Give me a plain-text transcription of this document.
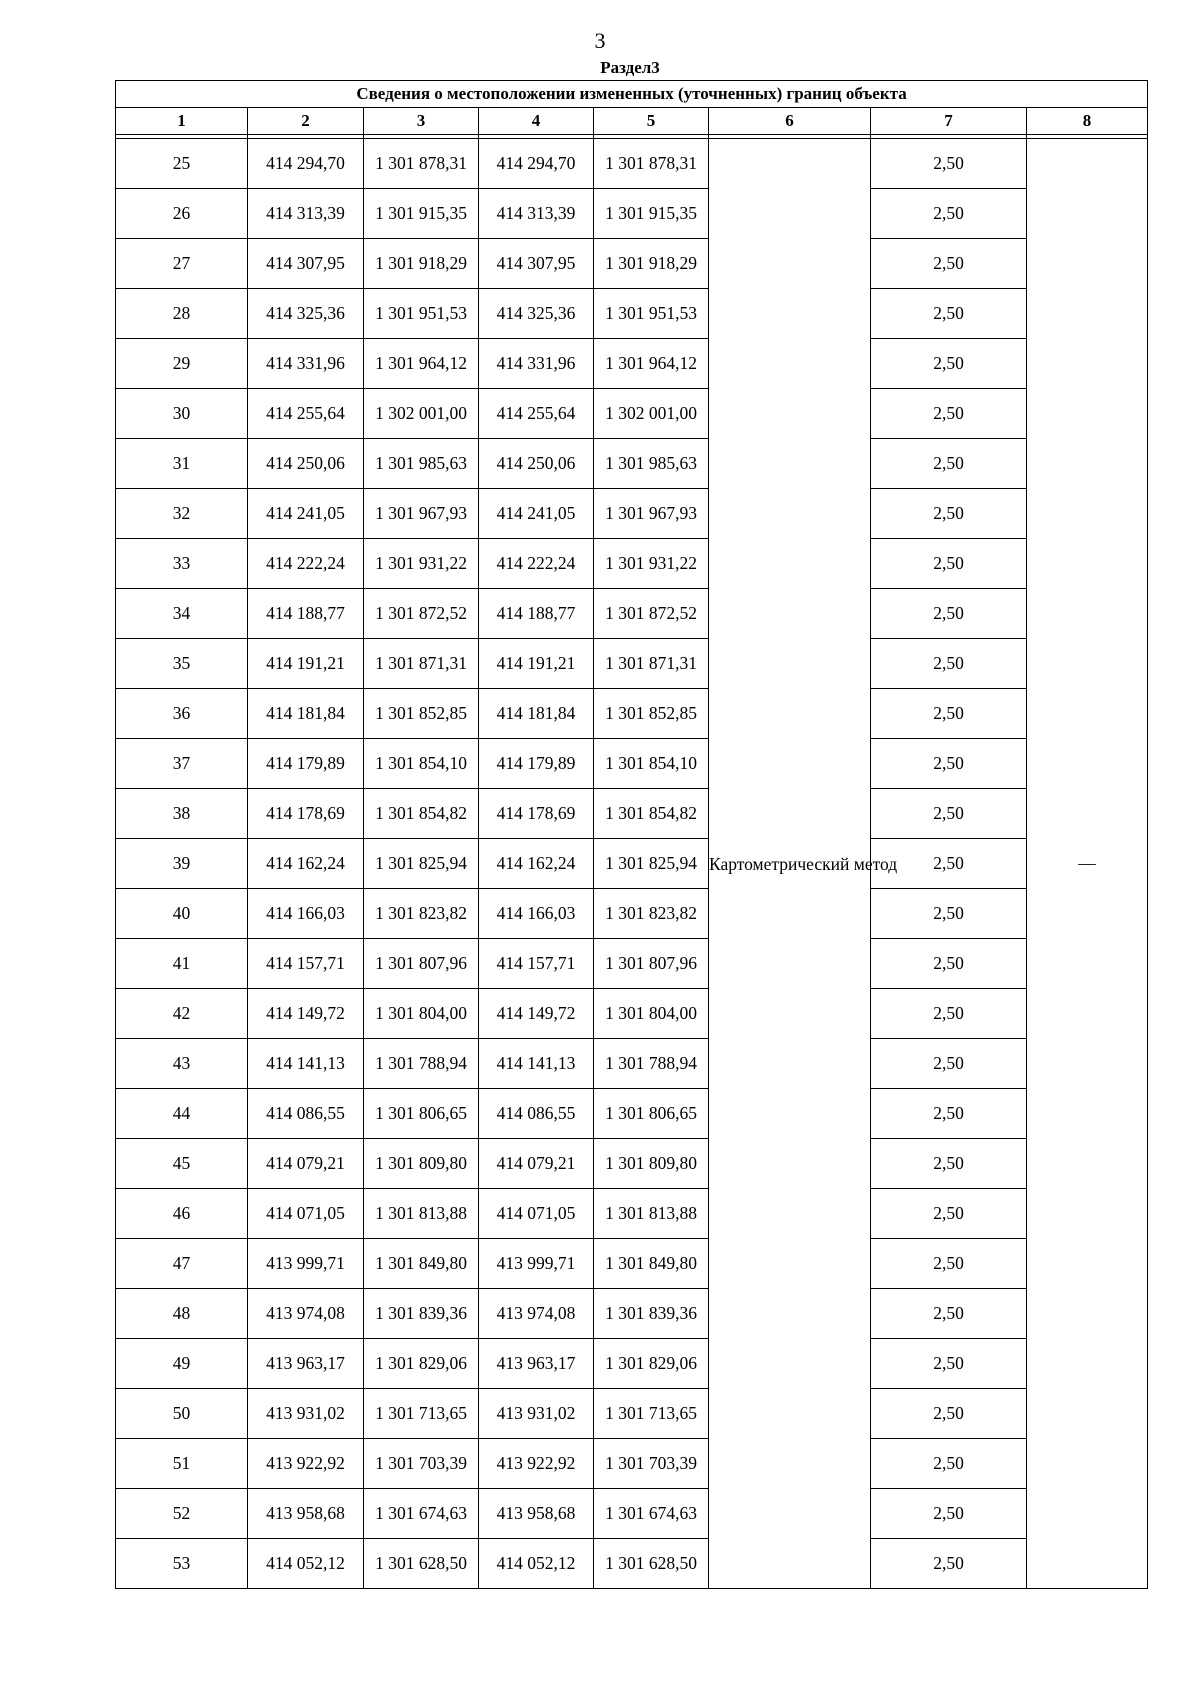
3
Раздел3
Сведения о местоположении измененных (уточненных) границ объекта							
1	2	3	4	5	6	7	8

25	414 294,70	1 301 878,31	414 294,70	1 301 878,31	Картометрический метод	2,50	—
26	414 313,39	1 301 915,35	414 313,39	1 301 915,35		2,50	
27	414 307,95	1 301 918,29	414 307,95	1 301 918,29		2,50	
28	414 325,36	1 301 951,53	414 325,36	1 301 951,53		2,50	
29	414 331,96	1 301 964,12	414 331,96	1 301 964,12		2,50	
30	414 255,64	1 302 001,00	414 255,64	1 302 001,00		2,50	
31	414 250,06	1 301 985,63	414 250,06	1 301 985,63		2,50	
32	414 241,05	1 301 967,93	414 241,05	1 301 967,93		2,50	
33	414 222,24	1 301 931,22	414 222,24	1 301 931,22		2,50	
34	414 188,77	1 301 872,52	414 188,77	1 301 872,52		2,50	
35	414 191,21	1 301 871,31	414 191,21	1 301 871,31		2,50	
36	414 181,84	1 301 852,85	414 181,84	1 301 852,85		2,50	
37	414 179,89	1 301 854,10	414 179,89	1 301 854,10		2,50	
38	414 178,69	1 301 854,82	414 178,69	1 301 854,82		2,50	
39	414 162,24	1 301 825,94	414 162,24	1 301 825,94		2,50	
40	414 166,03	1 301 823,82	414 166,03	1 301 823,82		2,50	
41	414 157,71	1 301 807,96	414 157,71	1 301 807,96		2,50	
42	414 149,72	1 301 804,00	414 149,72	1 301 804,00		2,50	
43	414 141,13	1 301 788,94	414 141,13	1 301 788,94		2,50	
44	414 086,55	1 301 806,65	414 086,55	1 301 806,65		2,50	
45	414 079,21	1 301 809,80	414 079,21	1 301 809,80		2,50	
46	414 071,05	1 301 813,88	414 071,05	1 301 813,88		2,50	
47	413 999,71	1 301 849,80	413 999,71	1 301 849,80		2,50	
48	413 974,08	1 301 839,36	413 974,08	1 301 839,36		2,50	
49	413 963,17	1 301 829,06	413 963,17	1 301 829,06		2,50	
50	413 931,02	1 301 713,65	413 931,02	1 301 713,65		2,50	
51	413 922,92	1 301 703,39	413 922,92	1 301 703,39		2,50	
52	413 958,68	1 301 674,63	413 958,68	1 301 674,63		2,50	
53	414 052,12	1 301 628,50	414 052,12	1 301 628,50		2,50	
